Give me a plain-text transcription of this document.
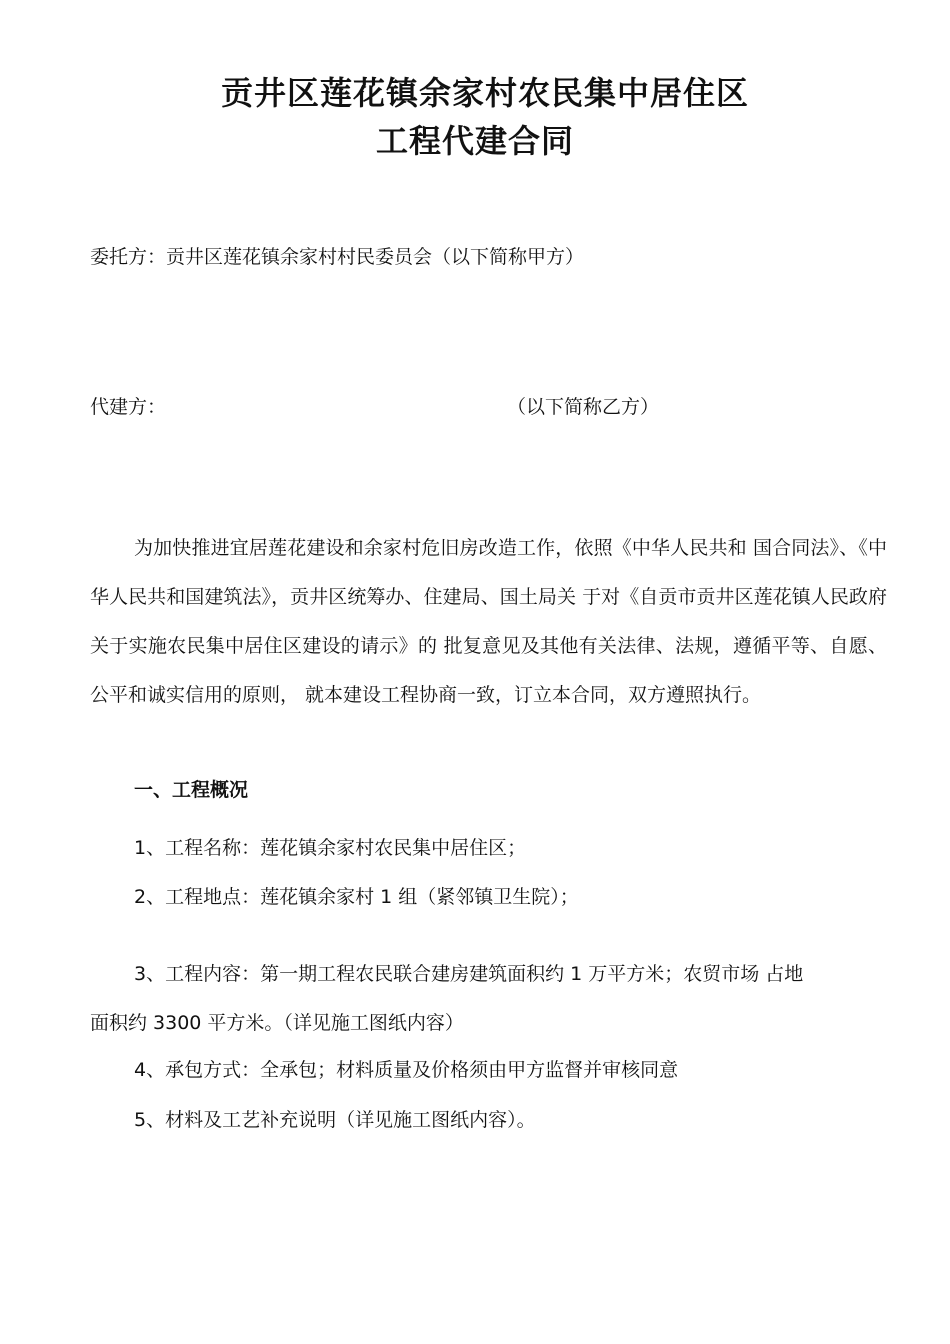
贡井区莲花镇余家村农民集中居住区
工程代建合同
委托方：贡井区莲花镇余家村村民委员会（以下简称甲方）
代建方：	（以下简称乙方）
为加快推进宜居莲花建设和余家村危旧房改造工作，依照《中华人民共和 国合同法》、《中华人民共和国建筑法》，贡井区统筹办、住建局、国土局关 于对《自贡市贡井区莲花镇人民政府关于实施农民集中居住区建设的请示》的 批复意见及其他有关法律、法规，遵循平等、自愿、公平和诚实信用的原则， 就本建设工程协商一致，订立本合同，双方遵照执行。
一、工程概况
1、工程名称：莲花镇余家村农民集中居住区；
2、工程地点：莲花镇余家村 1 组（紧邻镇卫生院）；
3、工程内容：第一期工程农民联合建房建筑面积约 1 万平方米；农贸市场 占地
面积约 3300 平方米。（详见施工图纸内容）
4、承包方式：全承包；材料质量及价格须由甲方监督并审核同意
5、材料及工艺补充说明（详见施工图纸内容）。
